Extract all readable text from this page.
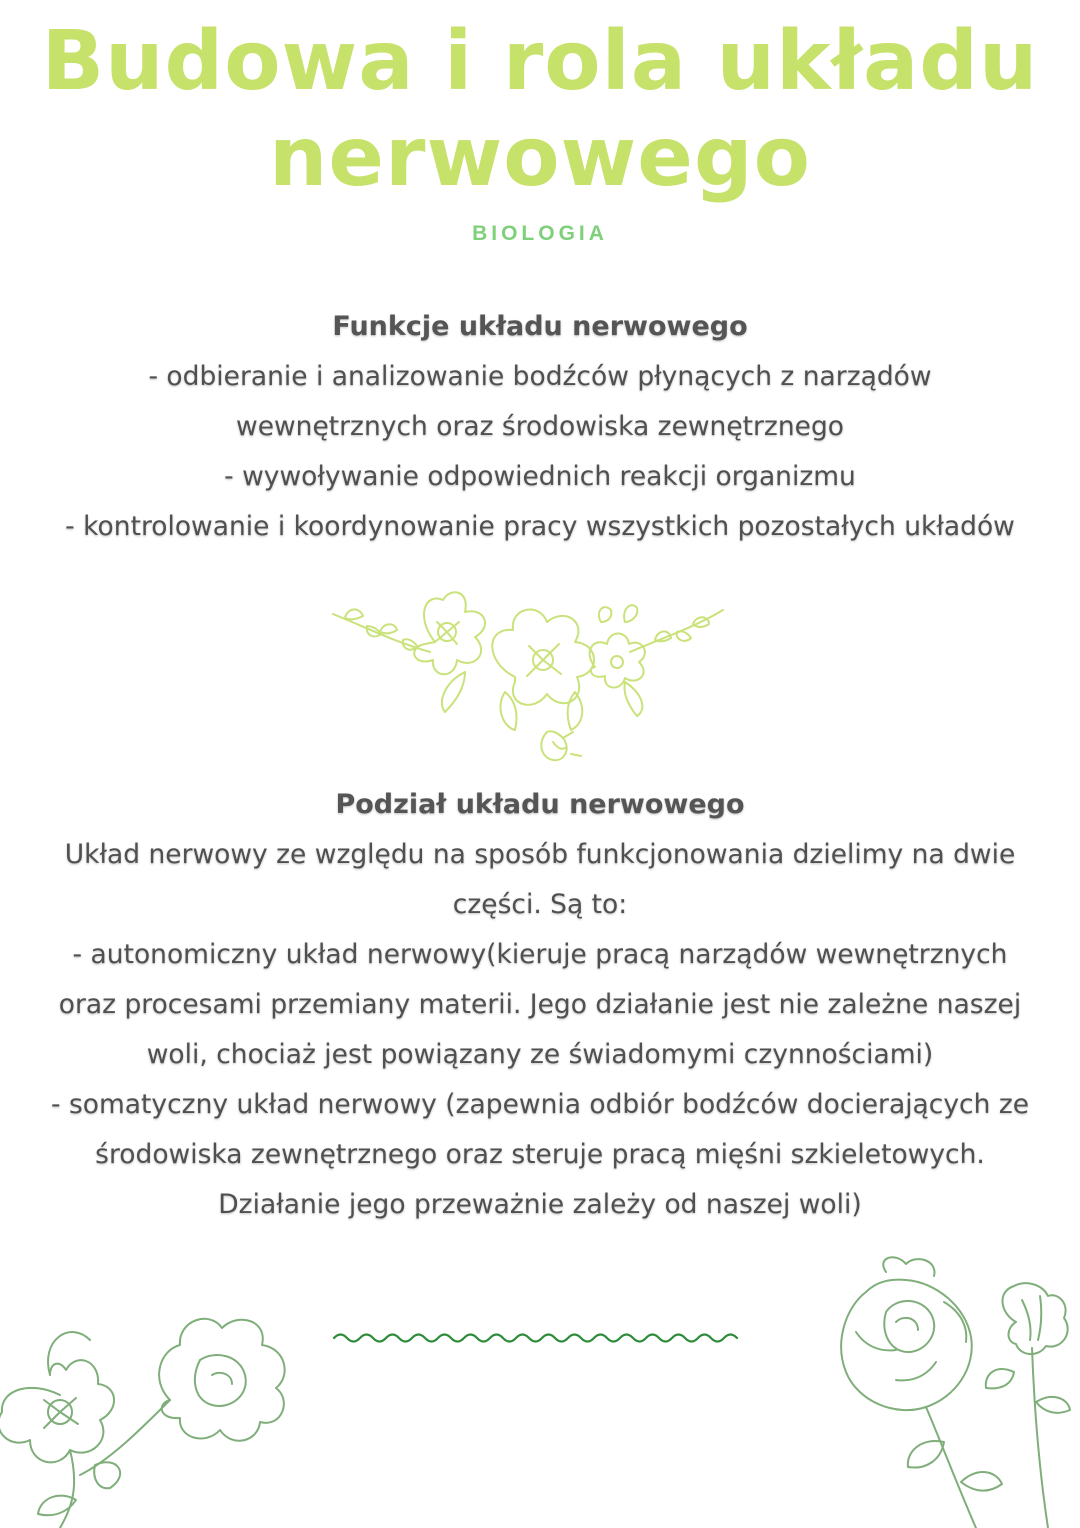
Budowa i rola układu
nerwowego
BIOLOGIA
Funkcje układu nerwowego
- odbieranie i analizowanie bodźców płynących z narządów
wewnętrznych oraz środowiska zewnętrznego
- wywoływanie odpowiednich reakcji organizmu
- kontrolowanie i koordynowanie pracy wszystkich pozostałych układów
Podział układu nerwowego
Układ nerwowy ze względu na sposób funkcjonowania dzielimy na dwie
części. Są to:
- autonomiczny układ nerwowy(kieruje pracą narządów wewnętrznych
oraz procesami przemiany materii. Jego działanie jest nie zależne naszej
woli, chociaż jest powiązany ze świadomymi czynnościami)
- somatyczny układ nerwowy (zapewnia odbiór bodźców docierających ze
środowiska zewnętrznego oraz steruje pracą mięśni szkieletowych.
Działanie jego przeważnie zależy od naszej woli)
